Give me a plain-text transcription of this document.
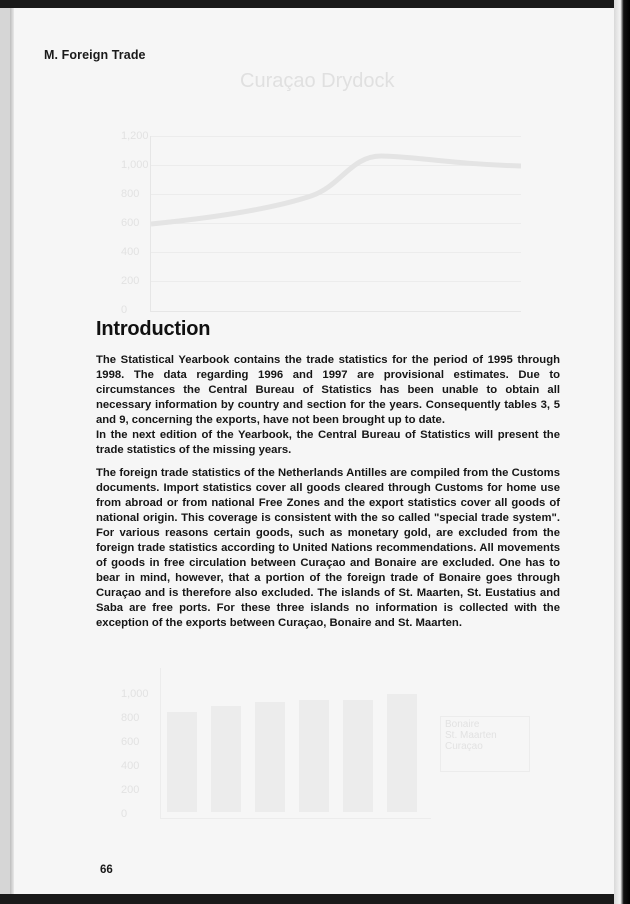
Curaçao Drydock
1,200
1,000
800
600
400
200
0
1,000
800
600
400
200
0
Bonaire
St. Maarten
Curaçao
M. Foreign Trade
Introduction
The Statistical Yearbook contains the trade statistics for the period of 1995 through 1998. The data regarding 1996 and 1997 are provisional estimates. Due to circumstances the Central Bureau of Statistics has been unable to obtain all necessary information by country and section for the years. Consequently tables 3, 5 and 9, concerning the exports, have not been brought up to date.
In the next edition of the Yearbook, the Central Bureau of Statistics will present the trade statistics of the missing years.
The foreign trade statistics of the Netherlands Antilles are compiled from the Customs documents. Import statistics cover all goods cleared through Customs for home use from abroad or from national Free Zones and the export statistics cover all goods of national origin. This coverage is consistent with the so called "special trade system". For various reasons certain goods, such as monetary gold, are excluded from the foreign trade statistics according to United Nations recommendations. All movements of goods in free circulation between Curaçao and Bonaire are excluded. One has to bear in mind, however, that a portion of the foreign trade of Bonaire goes through Curaçao and is therefore also excluded. The islands of St. Maarten, St. Eustatius and Saba are free ports. For these three islands no information is collected with the exception of the exports between Curaçao, Bonaire and St. Maarten.
66
